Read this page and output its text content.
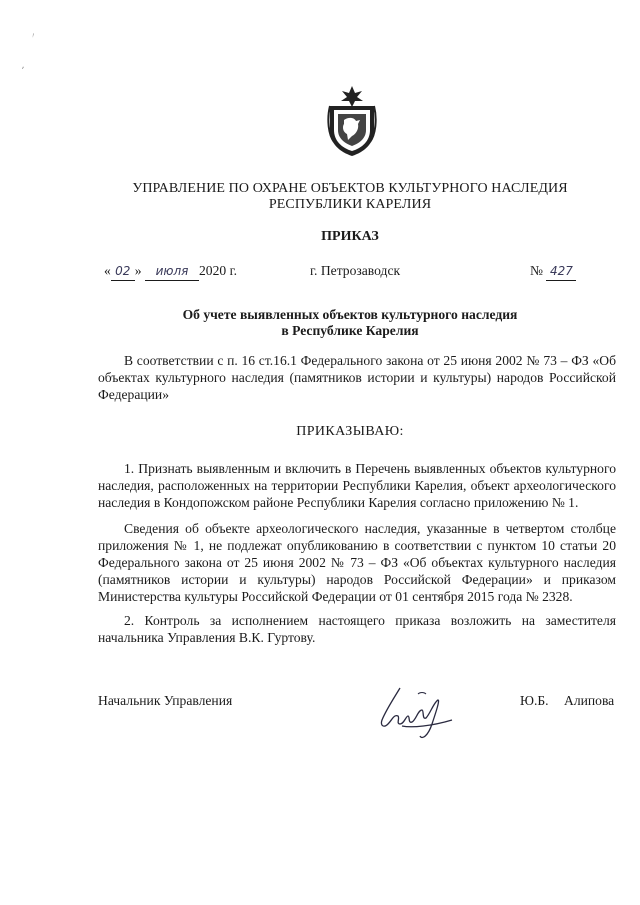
ꜝ
,
УПРАВЛЕНИЕ ПО ОХРАНЕ ОБЪЕКТОВ КУЛЬТУРНОГО НАСЛЕДИЯ
РЕСПУБЛИКИ КАРЕЛИЯ
ПРИКАЗ
« 02 » июля 2020 г.	г. Петрозаводск	№ 427
Об учете выявленных объектов культурного наследия
в Республике Карелия
В соответствии с п. 16 ст.16.1 Федерального закона от 25 июня 2002 № 73 – ФЗ «Об объектах культурного наследия (памятников истории и культуры) народов Российской Федерации»
ПРИКАЗЫВАЮ:
1. Признать выявленным и включить в Перечень выявленных объектов культурного наследия, расположенных на территории Республики Карелия, объект археологического наследия в Кондопожском районе Республики Карелия согласно приложению № 1.
Сведения об объекте археологического наследия, указанные в четвертом столбце приложения № 1, не подлежат опубликованию в соответствии с пунктом 10 статьи 20 Федерального закона от 25 июня 2002 № 73 – ФЗ «Об объектах культурного наследия (памятников истории и культуры) народов Российской Федерации» и приказом Министерства культуры Российской Федерации от 01 сентября 2015 года № 2328.
2. Контроль за исполнением настоящего приказа возложить на заместителя начальника Управления В.К. Гуртову.
Начальник Управления	Ю.Б. Алипова
